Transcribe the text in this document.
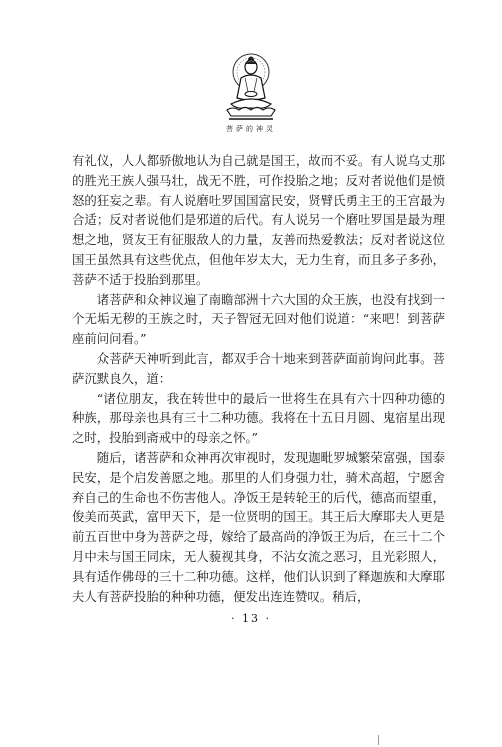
菩萨的神灵

有礼仪，人人都骄傲地认为自己就是国王，故而不妥。有人说乌丈那的胜光王族人强马壮，战无不胜，可作投胎之地；反对者说他们是愤怒的狂妄之辈。有人说磨吐罗国国富民安，贤臂氏勇主王的王宫最为合适；反对者说他们是邪道的后代。有人说另一个磨吐罗国是最为理想之地，贤友王有征服敌人的力量，友善而热爱教法；反对者说这位国王虽然具有这些优点，但他年岁太大，无力生育，而且多子多孙，菩萨不适于投胎到那里。

诸菩萨和众神议遍了南瞻部洲十六大国的众王族，也没有找到一个无垢无秽的王族之时，天子智冠无回对他们说道：“来吧！到菩萨座前问问看。”

众菩萨天神听到此言，都双手合十地来到菩萨面前询问此事。菩萨沉默良久，道：

“诸位朋友，我在转世中的最后一世将生在具有六十四种功德的种族，那母亲也具有三十二种功德。我将在十五日月圆、鬼宿星出现之时，投胎到斋戒中的母亲之怀。”

随后，诸菩萨和众神再次审视时，发现迦毗罗城繁荣富强，国泰民安，是个启发善愿之地。那里的人们身强力壮，骑术高超，宁愿舍弃自己的生命也不伤害他人。净饭王是转轮王的后代，德高而望重，俊美而英武，富甲天下，是一位贤明的国王。其王后大摩耶夫人更是前五百世中身为菩萨之母，嫁给了最高尚的净饭王为后，在三十二个月中未与国王同床，无人藐视其身，不沾女流之恶习，且光彩照人，具有适作佛母的三十二种功德。这样，他们认识到了释迦族和大摩耶夫人有菩萨投胎的种种功德，便发出连连赞叹。稍后，

· 13 ·
